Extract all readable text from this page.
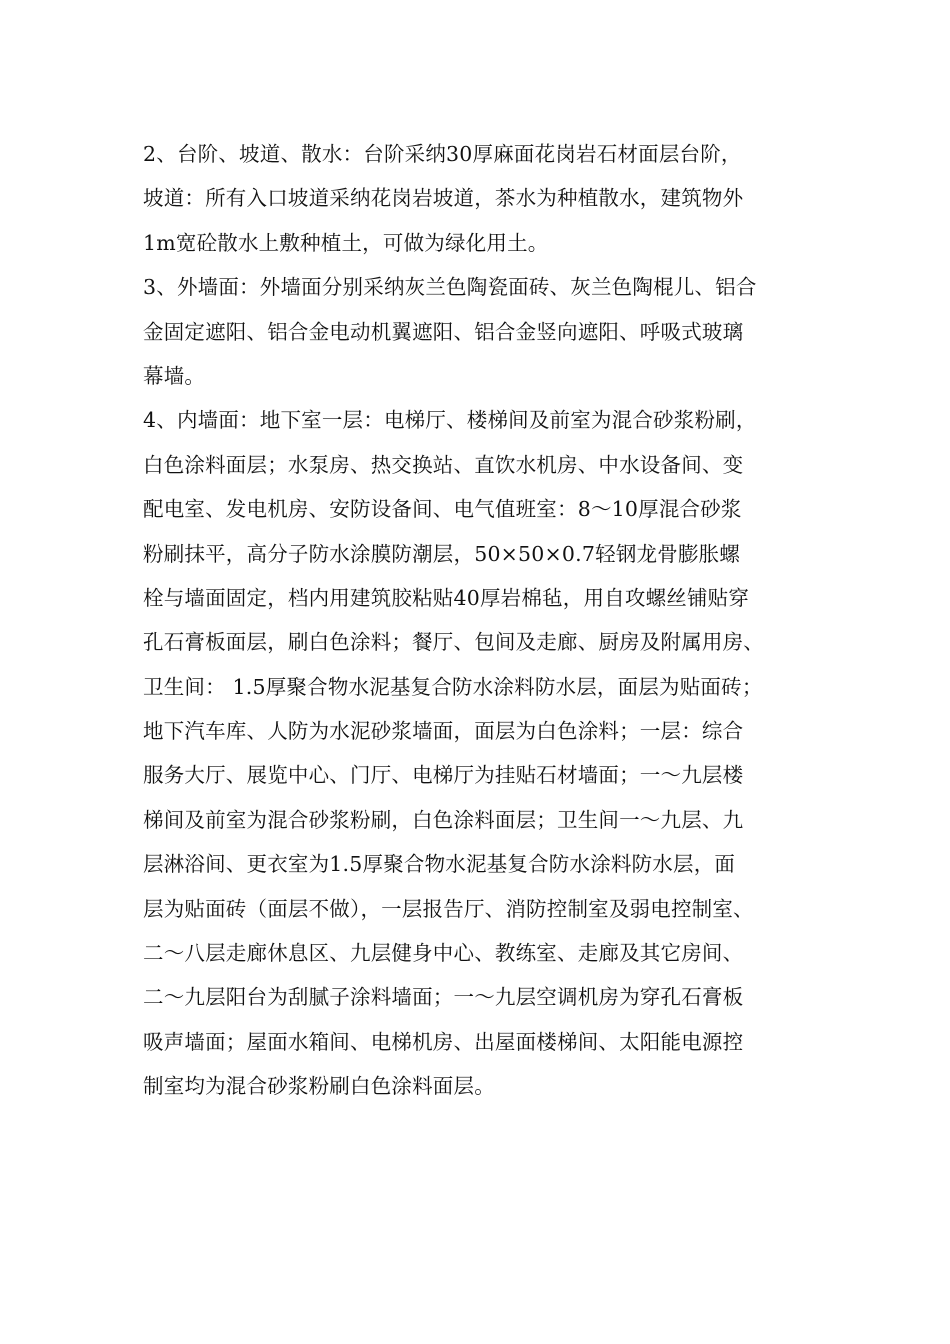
2、台阶、坡道、散水：台阶采纳30厚麻面花岗岩石材面层台阶，
坡道：所有入口坡道采纳花岗岩坡道，茶水为种植散水，建筑物外
1m宽砼散水上敷种植土，可做为绿化用土。
3、外墙面：外墙面分别采纳灰兰色陶瓷面砖、灰兰色陶棍儿、铝合
金固定遮阳、铝合金电动机翼遮阳、铝合金竖向遮阳、呼吸式玻璃
幕墙。
4、内墙面：地下室一层：电梯厅、楼梯间及前室为混合砂浆粉刷，
白色涂料面层；水泵房、热交换站、直饮水机房、中水设备间、变
配电室、发电机房、安防设备间、电气值班室：8～10厚混合砂浆
粉刷抹平，高分子防水涂膜防潮层，50×50×0.7轻钢龙骨膨胀螺
栓与墙面固定，档内用建筑胶粘贴40厚岩棉毡，用自攻螺丝铺贴穿
孔石膏板面层，刷白色涂料；餐厅、包间及走廊、厨房及附属用房、
卫生间： 1.5厚聚合物水泥基复合防水涂料防水层，面层为贴面砖；
地下汽车库、人防为水泥砂浆墙面，面层为白色涂料；一层：综合
服务大厅、展览中心、门厅、电梯厅为挂贴石材墙面；一～九层楼
梯间及前室为混合砂浆粉刷，白色涂料面层；卫生间一～九层、九
层淋浴间、更衣室为1.5厚聚合物水泥基复合防水涂料防水层，面
层为贴面砖（面层不做），一层报告厅、消防控制室及弱电控制室、
二～八层走廊休息区、九层健身中心、教练室、走廊及其它房间、
二～九层阳台为刮腻子涂料墙面；一～九层空调机房为穿孔石膏板
吸声墙面；屋面水箱间、电梯机房、出屋面楼梯间、太阳能电源控
制室均为混合砂浆粉刷白色涂料面层。
